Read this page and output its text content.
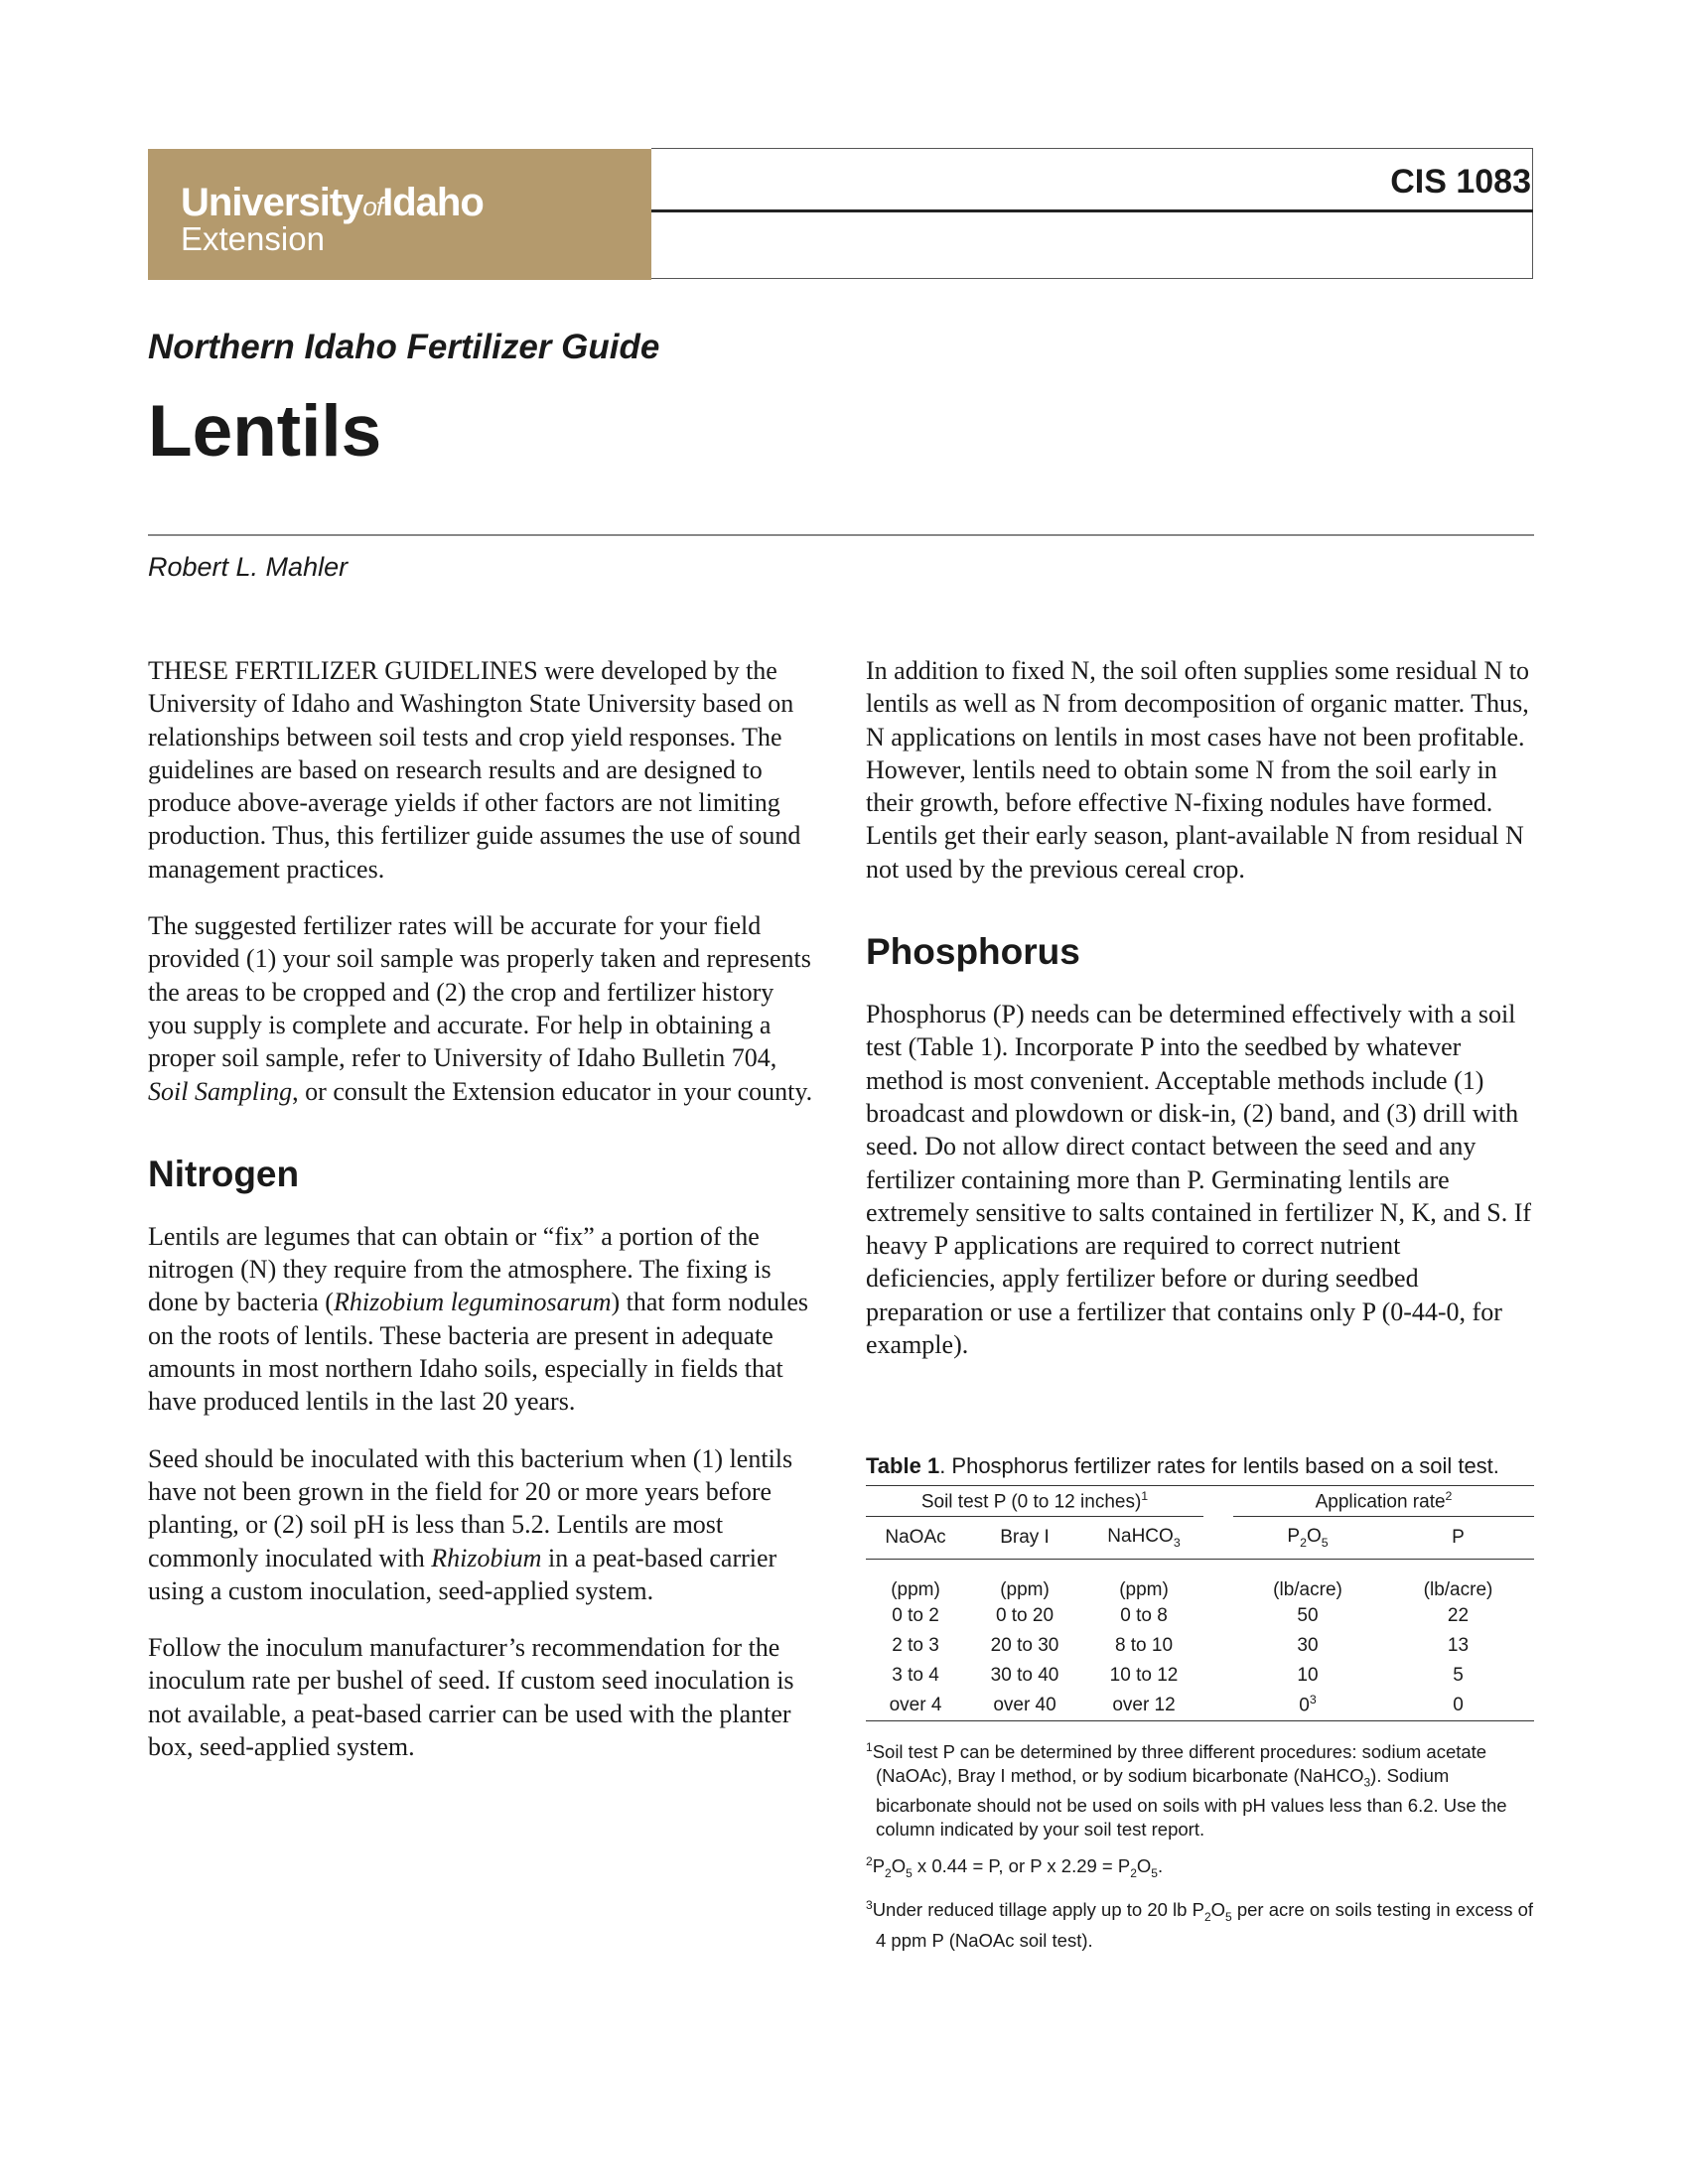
UniversityofIdaho
Extension
CIS 1083
Northern Idaho Fertilizer Guide
Lentils
Robert L. Mahler

THESE FERTILIZER GUIDELINES were developed by the University of Idaho and Washington State University based on relationships between soil tests and crop yield responses. The guidelines are based on research results and are designed to produce above-average yields if other factors are not limiting production. Thus, this fertilizer guide assumes the use of sound management practices.

The suggested fertilizer rates will be accurate for your field provided (1) your soil sample was properly taken and represents the areas to be cropped and (2) the crop and fertilizer history you supply is complete and accurate. For help in obtaining a proper soil sample, refer to University of Idaho Bulletin 704, Soil Sampling, or consult the Extension educator in your county.

Nitrogen

Lentils are legumes that can obtain or “fix” a portion of the nitrogen (N) they require from the atmosphere. The fixing is done by bacteria (Rhizobium leguminosarum) that form nodules on the roots of lentils. These bacteria are present in adequate amounts in most northern Idaho soils, especially in fields that have produced lentils in the last 20 years.

Seed should be inoculated with this bacterium when (1) lentils have not been grown in the field for 20 or more years before planting, or (2) soil pH is less than 5.2. Lentils are most commonly inoculated with Rhizobium in a peat-based carrier using a custom inoculation, seed-applied system.

Follow the inoculum manufacturer’s recommendation for the inoculum rate per bushel of seed. If custom seed inoculation is not available, a peat-based carrier can be used with the planter box, seed-applied system.

In addition to fixed N, the soil often supplies some residual N to lentils as well as N from decomposition of organic matter. Thus, N applications on lentils in most cases have not been profitable. However, lentils need to obtain some N from the soil early in their growth, before effective N-fixing nodules have formed. Lentils get their early season, plant-available N from residual N not used by the previous cereal crop.

Phosphorus

Phosphorus (P) needs can be determined effectively with a soil test (Table 1). Incorporate P into the seedbed by whatever method is most convenient. Acceptable methods include (1) broadcast and plowdown or disk-in, (2) band, and (3) drill with seed. Do not allow direct contact between the seed and any fertilizer containing more than P. Germinating lentils are extremely sensitive to salts contained in fertilizer N, K, and S. If heavy P applications are required to correct nutrient deficiencies, apply fertilizer before or during seedbed preparation or use a fertilizer that contains only P (0-44-0, for example).

Table 1. Phosphorus fertilizer rates for lentils based on a soil test.
Soil test P (0 to 12 inches)$^1$				Application rate$^2$
NaOAc	Bray I	NaHCO$_3$		$P_2O_5$	P
(ppm)	(ppm)	(ppm)		(lb/acre)	(lb/acre)
0 to 2	0 to 20	0 to 8		50	22
2 to 3	20 to 30	8 to 10		30	13
3 to 4	30 to 40	10 to 12		10	5
over 4	over 40	over 12		$0^3$	0

$^1$Soil test P can be determined by three different procedures: sodium acetate (NaOAc), Bray I method, or by sodium bicarbonate (NaHCO$_3$). Sodium bicarbonate should not be used on soils with pH values less than 6.2. Use the column indicated by your soil test report.

$^2P_2O_5$ x 0.44 = P, or P x $2.29 = P_2O_5$.

$^3$Under reduced tillage apply up to 20 lb $P_2O_5$ per acre on soils testing in excess of 4 ppm P (NaOAc soil test).
